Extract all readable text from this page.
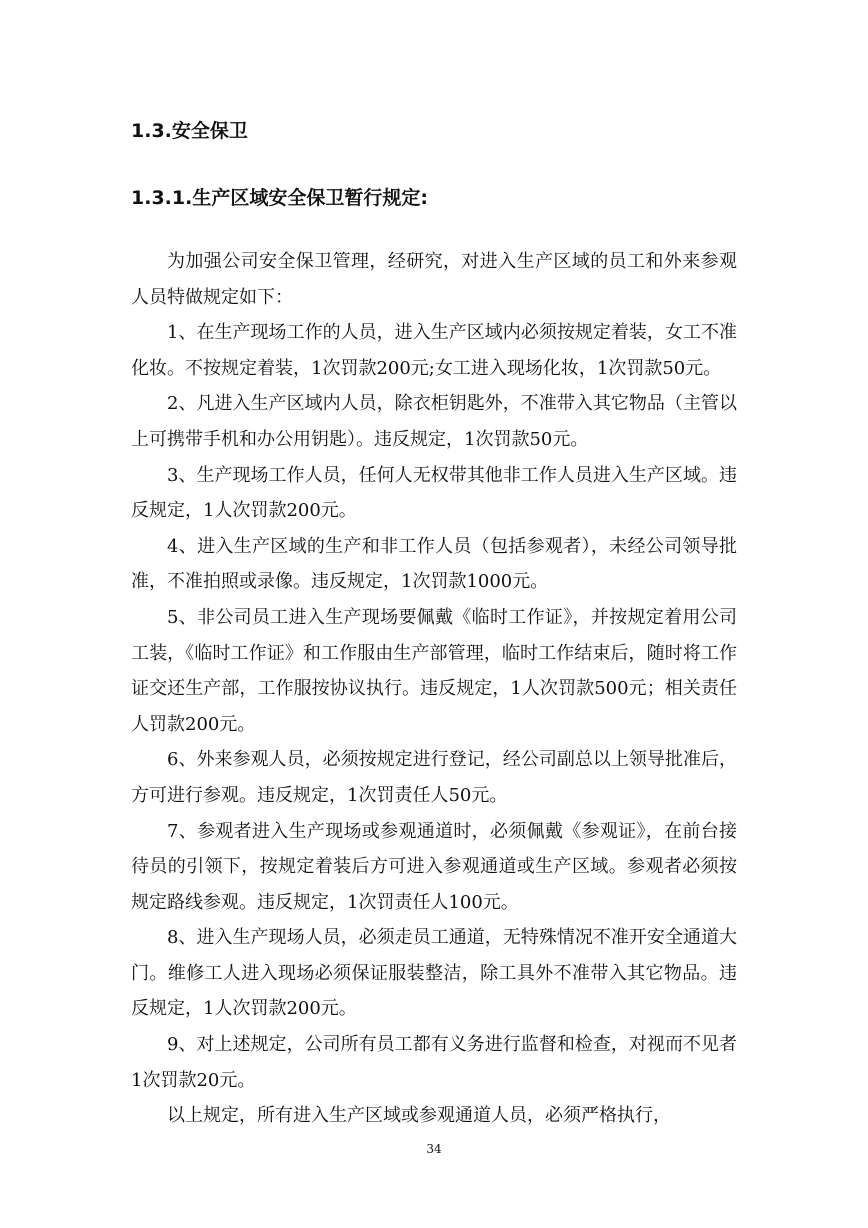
1.3.安全保卫
1.3.1.生产区域安全保卫暂行规定:

为加强公司安全保卫管理，经研究，对进入生产区域的员工和外来参观人员特做规定如下：

1、在生产现场工作的人员，进入生产区域内必须按规定着装，女工不准化妆。不按规定着装，1次罚款200元;女工进入现场化妆，1次罚款50元。

2、凡进入生产区域内人员，除衣柜钥匙外，不准带入其它物品（主管以上可携带手机和办公用钥匙）。违反规定，1次罚款50元。

3、生产现场工作人员，任何人无权带其他非工作人员进入生产区域。违反规定，1人次罚款200元。

4、进入生产区域的生产和非工作人员（包括参观者），未经公司领导批准，不准拍照或录像。违反规定，1次罚款1000元。

5、非公司员工进入生产现场要佩戴《临时工作证》，并按规定着用公司工装，《临时工作证》和工作服由生产部管理，临时工作结束后，随时将工作证交还生产部，工作服按协议执行。违反规定，1人次罚款500元；相关责任人罚款200元。

6、外来参观人员，必须按规定进行登记，经公司副总以上领导批准后，方可进行参观。违反规定，1次罚责任人50元。

7、参观者进入生产现场或参观通道时，必须佩戴《参观证》，在前台接待员的引领下，按规定着装后方可进入参观通道或生产区域。参观者必须按规定路线参观。违反规定，1次罚责任人100元。

8、进入生产现场人员，必须走员工通道，无特殊情况不准开安全通道大门。维修工人进入现场必须保证服装整洁，除工具外不准带入其它物品。违反规定，1人次罚款200元。

9、对上述规定，公司所有员工都有义务进行监督和检查，对视而不见者1次罚款20元。

以上规定，所有进入生产区域或参观通道人员，必须严格执行，

34
